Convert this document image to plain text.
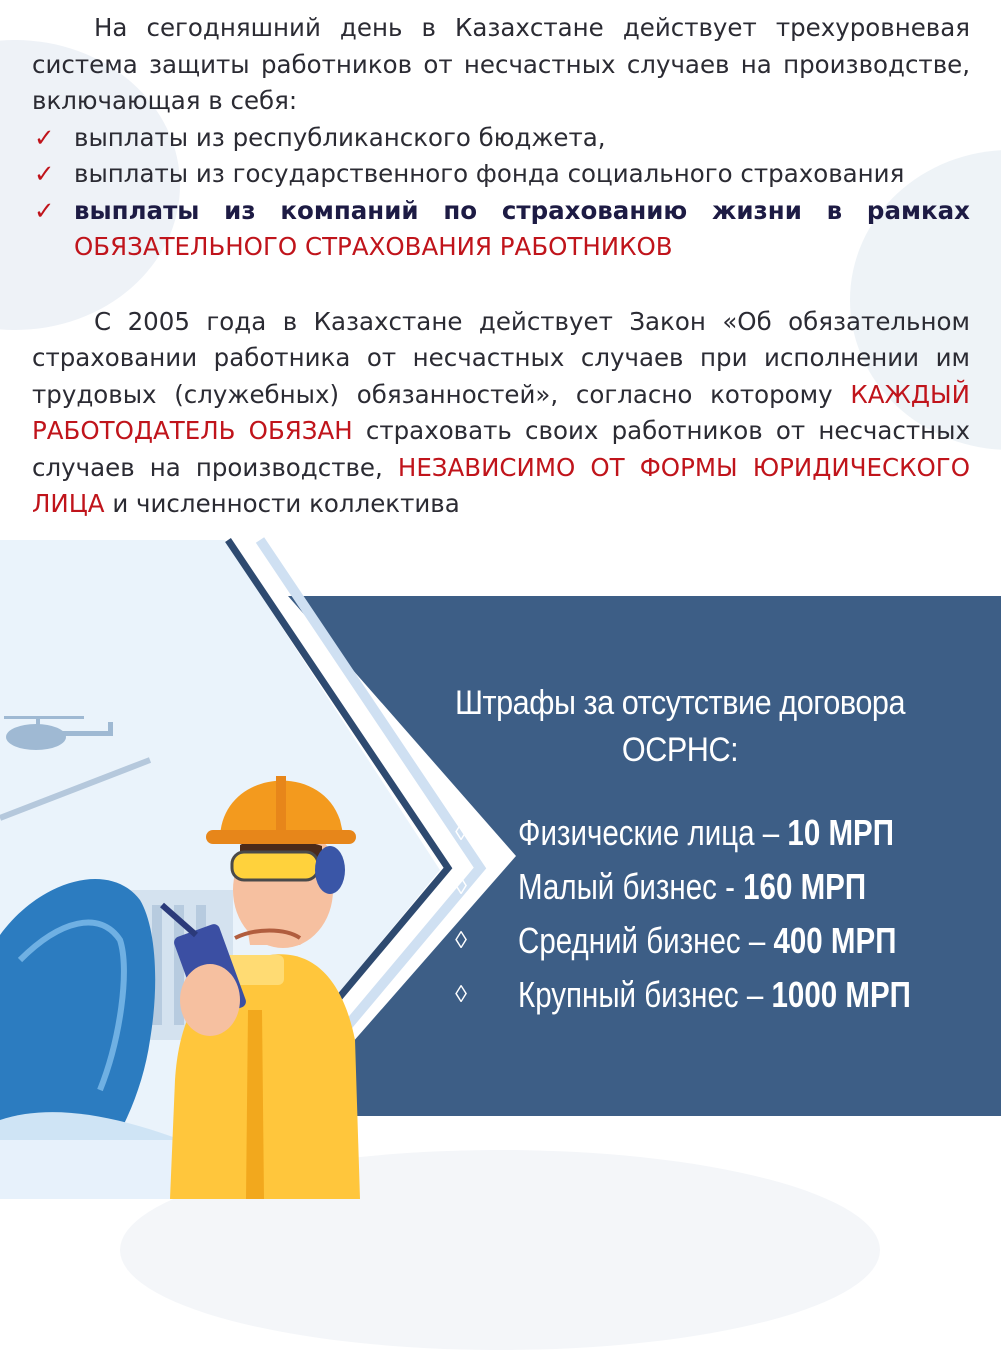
На сегодняшний день в Казахстане действует трехуровневая система защиты работников от несчастных случаев на производстве, включающая в себя:

✓ выплаты из республиканского бюджета,
✓ выплаты из государственного фонда социального страхования
✓ выплаты из компаний по страхованию жизни в рамках
ОБЯЗАТЕЛЬНОГО СТРАХОВАНИЯ РАБОТНИКОВ

С 2005 года в Казахстане действует Закон «Об обязательном страховании работника от несчастных случаев при исполнении им трудовых (служебных) обязанностей», согласно которому КАЖДЫЙ РАБОТОДАТЕЛЬ ОБЯЗАН страховать своих работников от несчастных случаев на производстве, НЕЗАВИСИМО ОТ ФОРМЫ ЮРИДИЧЕСКОГО ЛИЦА и численности коллектива

Штрафы за отсутствие договора
ОСРНС:
◊ Физические лица – 10 МРП
◊ Малый бизнес - 160 МРП
◊ Средний бизнес – 400 МРП
◊ Крупный бизнес – 1000 МРП
